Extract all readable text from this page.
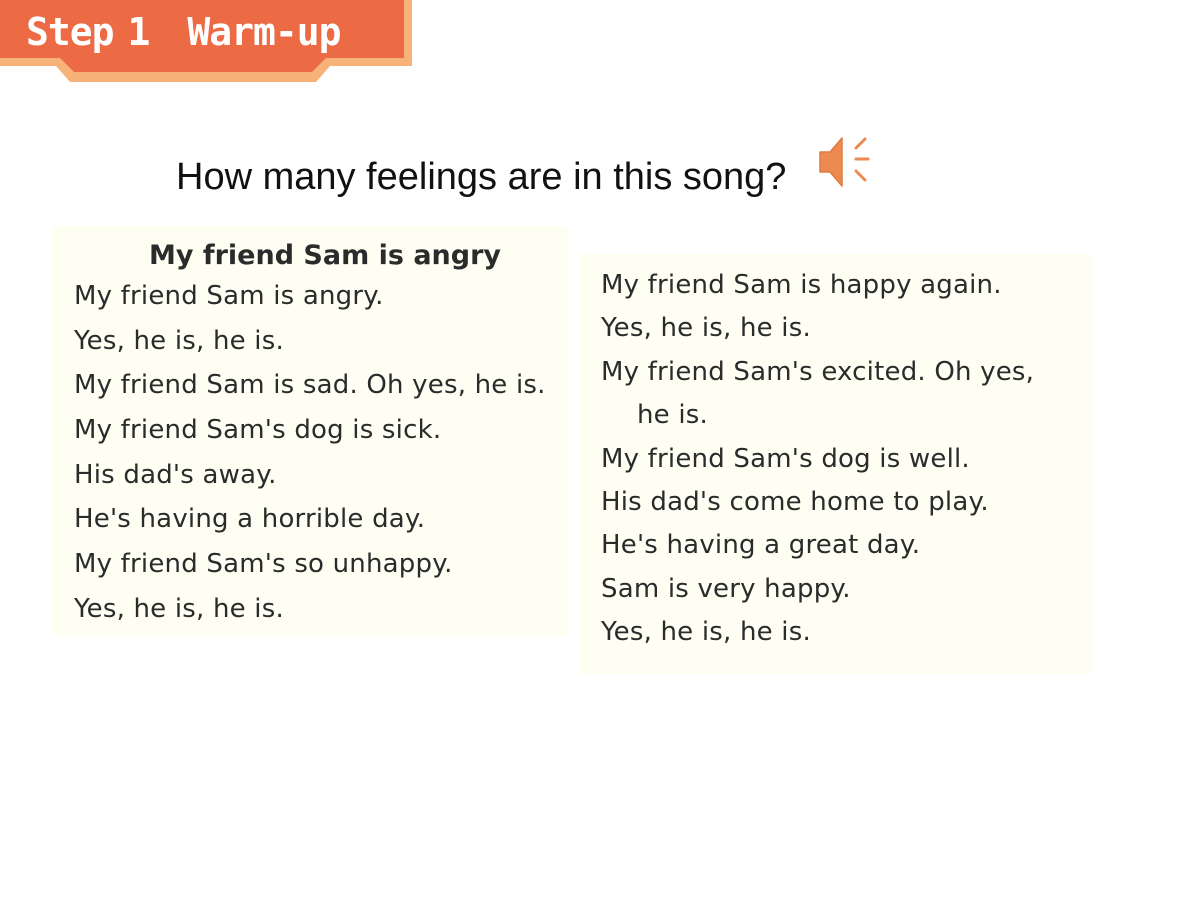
Step 1 Warm-up
How many feelings are in this song?
My friend Sam is angry
My friend Sam is angry.
Yes, he is, he is.
My friend Sam is sad. Oh yes, he is.
My friend Sam's dog is sick.
His dad's away.
He's having a horrible day.
My friend Sam's so unhappy.
Yes, he is, he is.
My friend Sam is happy again.
Yes, he is, he is.
My friend Sam's excited. Oh yes,
he is.
My friend Sam's dog is well.
His dad's come home to play.
He's having a great day.
Sam is very happy.
Yes, he is, he is.
